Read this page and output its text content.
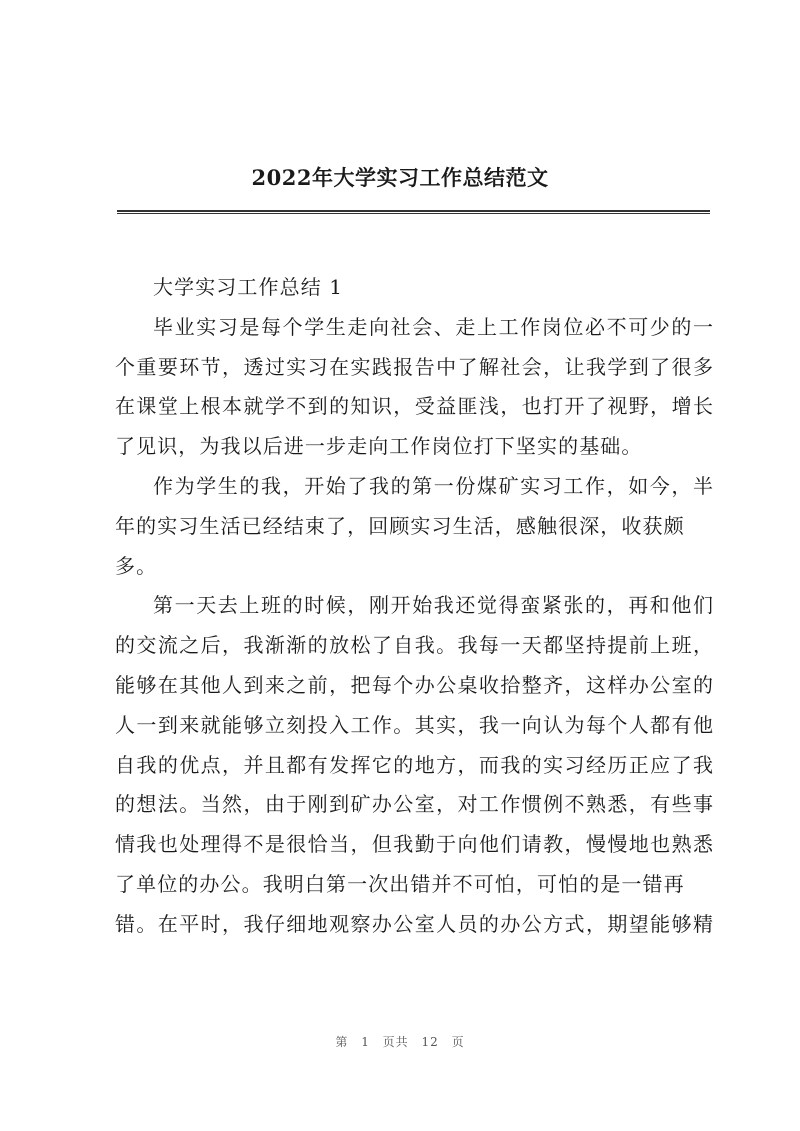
2022年大学实习工作总结范文
大学实习工作总结 1
毕业实习是每个学生走向社会、走上工作岗位必不可少的一
个重要环节，透过实习在实践报告中了解社会，让我学到了很多
在课堂上根本就学不到的知识，受益匪浅，也打开了视野，增长
了见识，为我以后进一步走向工作岗位打下坚实的基础。
作为学生的我，开始了我的第一份煤矿实习工作，如今，半
年的实习生活已经结束了，回顾实习生活，感触很深，收获颇
多。
第一天去上班的时候，刚开始我还觉得蛮紧张的，再和他们
的交流之后，我渐渐的放松了自我。我每一天都坚持提前上班，
能够在其他人到来之前，把每个办公桌收拾整齐，这样办公室的
人一到来就能够立刻投入工作。其实，我一向认为每个人都有他
自我的优点，并且都有发挥它的地方，而我的实习经历正应了我
的想法。当然，由于刚到矿办公室，对工作惯例不熟悉，有些事
情我也处理得不是很恰当，但我勤于向他们请教，慢慢地也熟悉
了单位的办公。我明白第一次出错并不可怕，可怕的是一错再
错。在平时，我仔细地观察办公室人员的办公方式，期望能够精
第 1 页共 12 页
